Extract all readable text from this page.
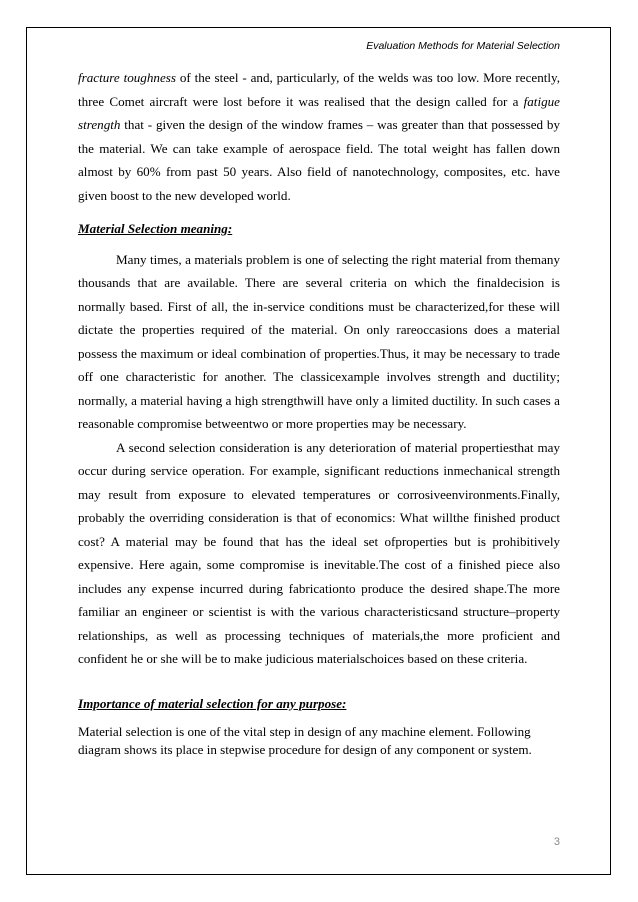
Evaluation Methods for Material Selection

fracture toughness of the steel - and, particularly, of the welds was too low. More recently, three Comet aircraft were lost before it was realised that the design called for a fatigue strength that - given the design of the window frames – was greater than that possessed by the material. We can take example of aerospace field. The total weight has fallen down almost by 60% from past 50 years. Also field of nanotechnology, composites, etc. have given boost to the new developed world.

Material Selection meaning:

Many times, a materials problem is one of selecting the right material from themany thousands that are available. There are several criteria on which the finaldecision is normally based. First of all, the in-service conditions must be characterized,for these will dictate the properties required of the material. On only rareoccasions does a material possess the maximum or ideal combination of properties.Thus, it may be necessary to trade off one characteristic for another. The classicexample involves strength and ductility; normally, a material having a high strengthwill have only a limited ductility. In such cases a reasonable compromise betweentwo or more properties may be necessary.

A second selection consideration is any deterioration of material propertiesthat may occur during service operation. For example, significant reductions inmechanical strength may result from exposure to elevated temperatures or corrosiveenvironments.Finally, probably the overriding consideration is that of economics: What willthe finished product cost? A material may be found that has the ideal set ofproperties but is prohibitively expensive. Here again, some compromise is inevitable.The cost of a finished piece also includes any expense incurred during fabricationto produce the desired shape.The more familiar an engineer or scientist is with the various characteristicsand structure–property relationships, as well as processing techniques of materials,the more proficient and confident he or she will be to make judicious materialschoices based on these criteria.

Importance of material selection for any purpose:

Material selection is one of the vital step in design of any machine element. Following diagram shows its place in stepwise procedure for design of any component or system.

3
